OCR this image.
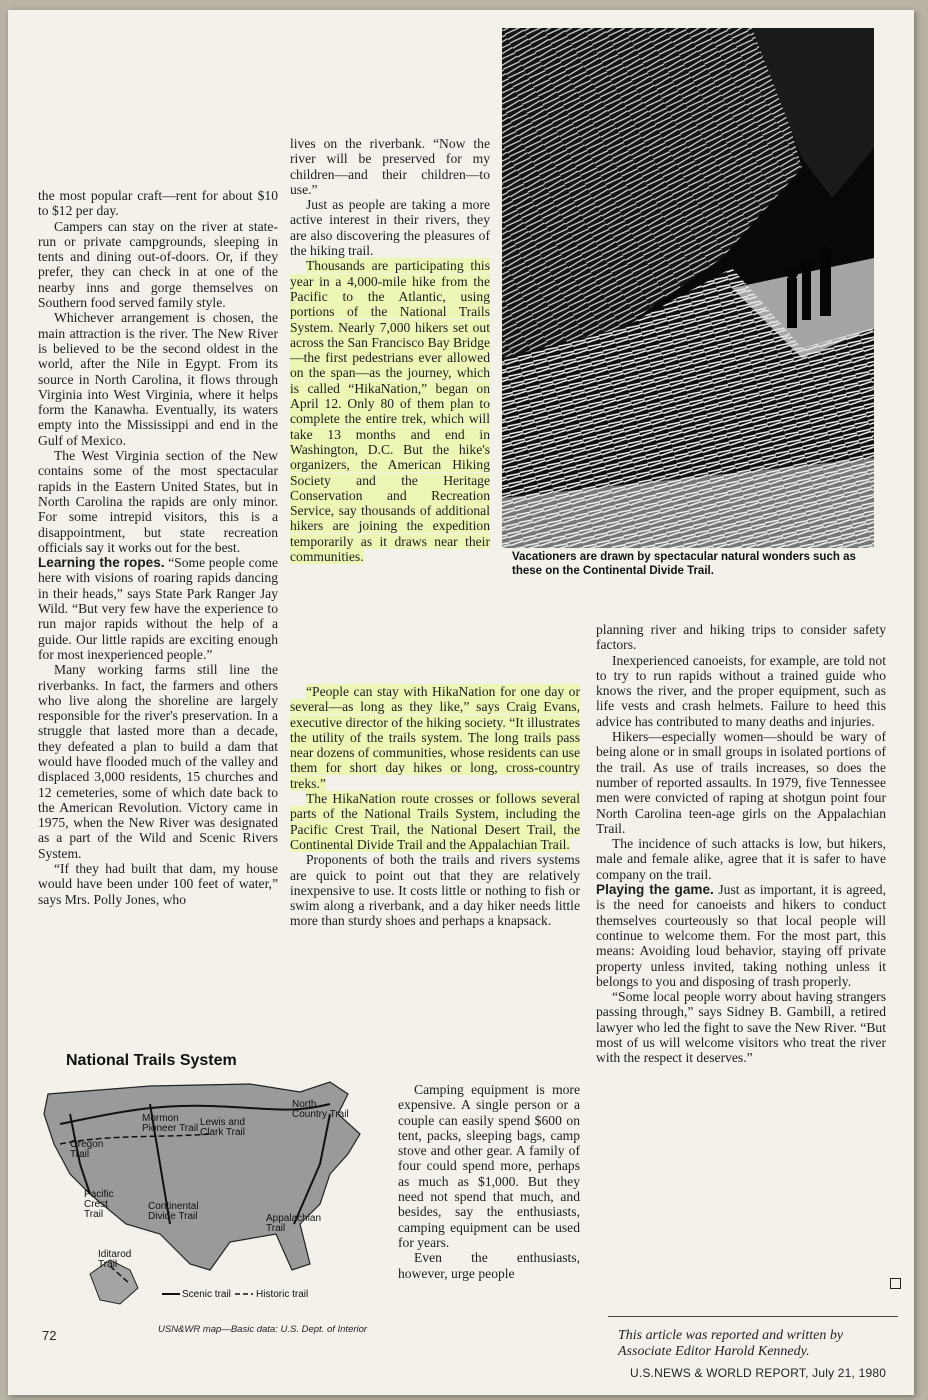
the most popular craft—rent for about $10 to $12 per day.

Campers can stay on the river at state-run or private campgrounds, sleeping in tents and dining out-of-doors. Or, if they prefer, they can check in at one of the nearby inns and gorge themselves on Southern food served family style.

Whichever arrangement is chosen, the main attraction is the river. The New River is believed to be the second oldest in the world, after the Nile in Egypt. From its source in North Carolina, it flows through Virginia into West Virginia, where it helps form the Kanawha. Eventually, its waters empty into the Mississippi and end in the Gulf of Mexico.

The West Virginia section of the New contains some of the most spectacular rapids in the Eastern United States, but in North Carolina the rapids are only minor. For some intrepid visitors, this is a disappointment, but state recreation officials say it works out for the best.

Learning the ropes. “Some people come here with visions of roaring rapids dancing in their heads,” says State Park Ranger Jay Wild. “But very few have the experience to run major rapids without the help of a guide. Our little rapids are exciting enough for most inexperienced people.”

Many working farms still line the riverbanks. In fact, the farmers and others who live along the shoreline are largely responsible for the river's preservation. In a struggle that lasted more than a decade, they defeated a plan to build a dam that would have flooded much of the valley and displaced 3,000 residents, 15 churches and 12 cemeteries, some of which date back to the American Revolution. Victory came in 1975, when the New River was designated as a part of the Wild and Scenic Rivers System.

“If they had built that dam, my house would have been under 100 feet of water,” says Mrs. Polly Jones, who

lives on the riverbank. “Now the river will be preserved for my children—and their children—to use.”

Just as people are taking a more active interest in their rivers, they are also discovering the pleasures of the hiking trail.

Thousands are participating this year in a 4,000-mile hike from the Pacific to the Atlantic, using portions of the National Trails System. Nearly 7,000 hikers set out across the San Francisco Bay Bridge—the first pedestrians ever allowed on the span—as the journey, which is called “HikaNation,” began on April 12. Only 80 of them plan to complete the entire trek, which will take 13 months and end in Washington, D.C. But the hike's organizers, the American Hiking Society and the Heritage Conservation and Recreation Service, say thousands of additional hikers are joining the expedition temporarily as it draws near their communities.

“People can stay with HikaNation for one day or several—as long as they like,” says Craig Evans, executive director of the hiking society. “It illustrates the utility of the trails system. The long trails pass near dozens of communities, whose residents can use them for short day hikes or long, cross-country treks.”

The HikaNation route crosses or follows several parts of the National Trails System, including the Pacific Crest Trail, the National Desert Trail, the Continental Divide Trail and the Appalachian Trail.

Proponents of both the trails and rivers systems are quick to point out that they are relatively inexpensive to use. It costs little or nothing to fish or swim along a riverbank, and a day hiker needs little more than sturdy shoes and perhaps a knapsack.

Camping equipment is more expensive. A single person or a couple can easily spend $600 on tent, packs, sleeping bags, camp stove and other gear. A family of four could spend more, perhaps as much as $1,000. But they need not spend that much, and besides, say the enthusiasts, camping equipment can be used for years.

Even the enthusiasts, however, urge people

planning river and hiking trips to consider safety factors.

Inexperienced canoeists, for example, are told not to try to run rapids without a trained guide who knows the river, and the proper equipment, such as life vests and crash helmets. Failure to heed this advice has contributed to many deaths and injuries.

Hikers—especially women—should be wary of being alone or in small groups in isolated portions of the trail. As use of trails increases, so does the number of reported assaults. In 1979, five Tennessee men were convicted of raping at shotgun point four North Carolina teen-age girls on the Appalachian Trail.

The incidence of such attacks is low, but hikers, male and female alike, agree that it is safer to have company on the trail.

Playing the game. Just as important, it is agreed, is the need for canoeists and hikers to conduct themselves courteously so that local people will continue to welcome them. For the most part, this means: Avoiding loud behavior, staying off private property unless invited, taking nothing unless it belongs to you and disposing of trash properly.

“Some local people worry about having strangers passing through,” says Sidney B. Gambill, a retired lawyer who led the fight to save the New River. “But most of us will welcome visitors who treat the river with the respect it deserves.”

Vacationers are drawn by spectacular natural wonders such as these on the Continental Divide Trail.
National Trails System
North Country Trail
Mormon Pioneer Trail
Lewis and Clark Trail
Oregon Trail
Pacific Crest Trail
Continental Divide Trail	Appalachian Trail
Iditarod Trail
Scenic trail	Historic trail
USN&WR map—Basic data: U.S. Dept. of Interior
72	This article was reported and written by Associate Editor Harold Kennedy.
U.S.NEWS & WORLD REPORT, July 21, 1980
